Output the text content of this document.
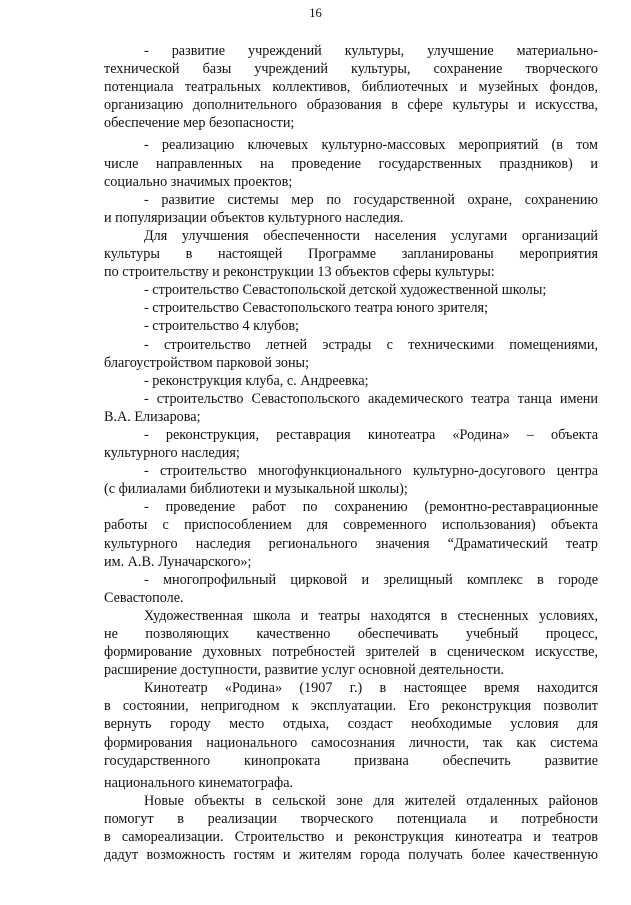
16
- развитие учреждений культуры, улучшение материально-
технической базы учреждений культуры, сохранение творческого
потенциала театральных коллективов, библиотечных и музейных фондов,
организацию дополнительного образования в сфере культуры и искусства,
обеспечение мер безопасности;
- реализацию ключевых культурно-массовых мероприятий (в том
числе направленных на проведение государственных праздников) и
социально значимых проектов;
- развитие системы мер по государственной охране, сохранению
и популяризации объектов культурного наследия.
Для улучшения обеспеченности населения услугами организаций
культуры в настоящей Программе запланированы мероприятия
по строительству и реконструкции 13 объектов сферы культуры:
- строительство Севастопольской детской художественной школы;
- строительство Севастопольского театра юного зрителя;
- строительство 4 клубов;
- строительство летней эстрады с техническими помещениями,
благоустройством парковой зоны;
- реконструкция клуба, с. Андреевка;
- строительство Севастопольского академического театра танца имени
В.А. Елизарова;
- реконструкция, реставрация кинотеатра «Родина» – объекта
культурного наследия;
- строительство многофункционального культурно-досугового центра
(с филиалами библиотеки и музыкальной школы);
- проведение работ по сохранению (ремонтно-реставрационные
работы с приспособлением для современного использования) объекта
культурного наследия регионального значения “Драматический театр
им. А.В. Луначарского»;
- многопрофильный цирковой и зрелищный комплекс в городе
Севастополе.
Художественная школа и театры находятся в стесненных условиях,
не позволяющих качественно обеспечивать учебный процесс,
формирование духовных потребностей зрителей в сценическом искусстве,
расширение доступности, развитие услуг основной деятельности.
Кинотеатр «Родина» (1907 г.) в настоящее время находится
в состоянии, непригодном к эксплуатации. Его реконструкция позволит
вернуть городу место отдыха, создаст необходимые условия для
формирования национального самосознания личности, так как система
государственного кинопроката призвана обеспечить развитие
национального кинематографа.
Новые объекты в сельской зоне для жителей отдаленных районов
помогут в реализации творческого потенциала и потребности
в самореализации. Строительство и реконструкция кинотеатра и театров
дадут возможность гостям и жителям города получать более качественную
